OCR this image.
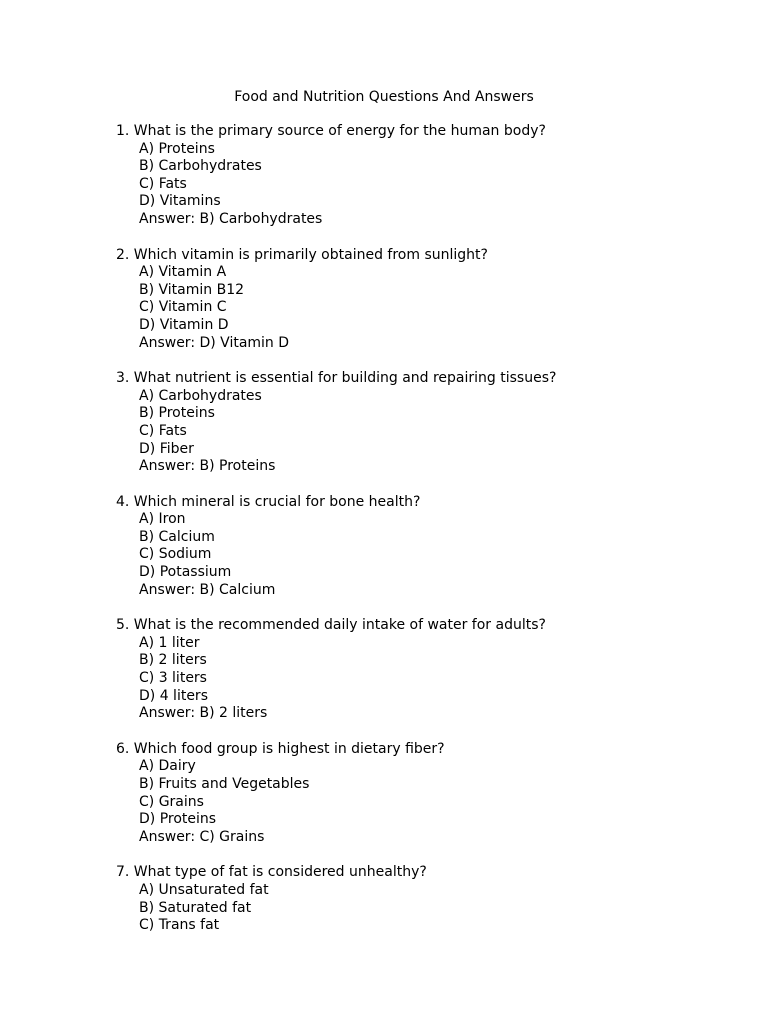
Food and Nutrition Questions And Answers
1. What is the primary source of energy for the human body?
A) Proteins
B) Carbohydrates
C) Fats
D) Vitamins
Answer: B) Carbohydrates
2. Which vitamin is primarily obtained from sunlight?
A) Vitamin A
B) Vitamin B12
C) Vitamin C
D) Vitamin D
Answer: D) Vitamin D
3. What nutrient is essential for building and repairing tissues?
A) Carbohydrates
B) Proteins
C) Fats
D) Fiber
Answer: B) Proteins
4. Which mineral is crucial for bone health?
A) Iron
B) Calcium
C) Sodium
D) Potassium
Answer: B) Calcium
5. What is the recommended daily intake of water for adults?
A) 1 liter
B) 2 liters
C) 3 liters
D) 4 liters
Answer: B) 2 liters
6. Which food group is highest in dietary fiber?
A) Dairy
B) Fruits and Vegetables
C) Grains
D) Proteins
Answer: C) Grains
7. What type of fat is considered unhealthy?
A) Unsaturated fat
B) Saturated fat
C) Trans fat
